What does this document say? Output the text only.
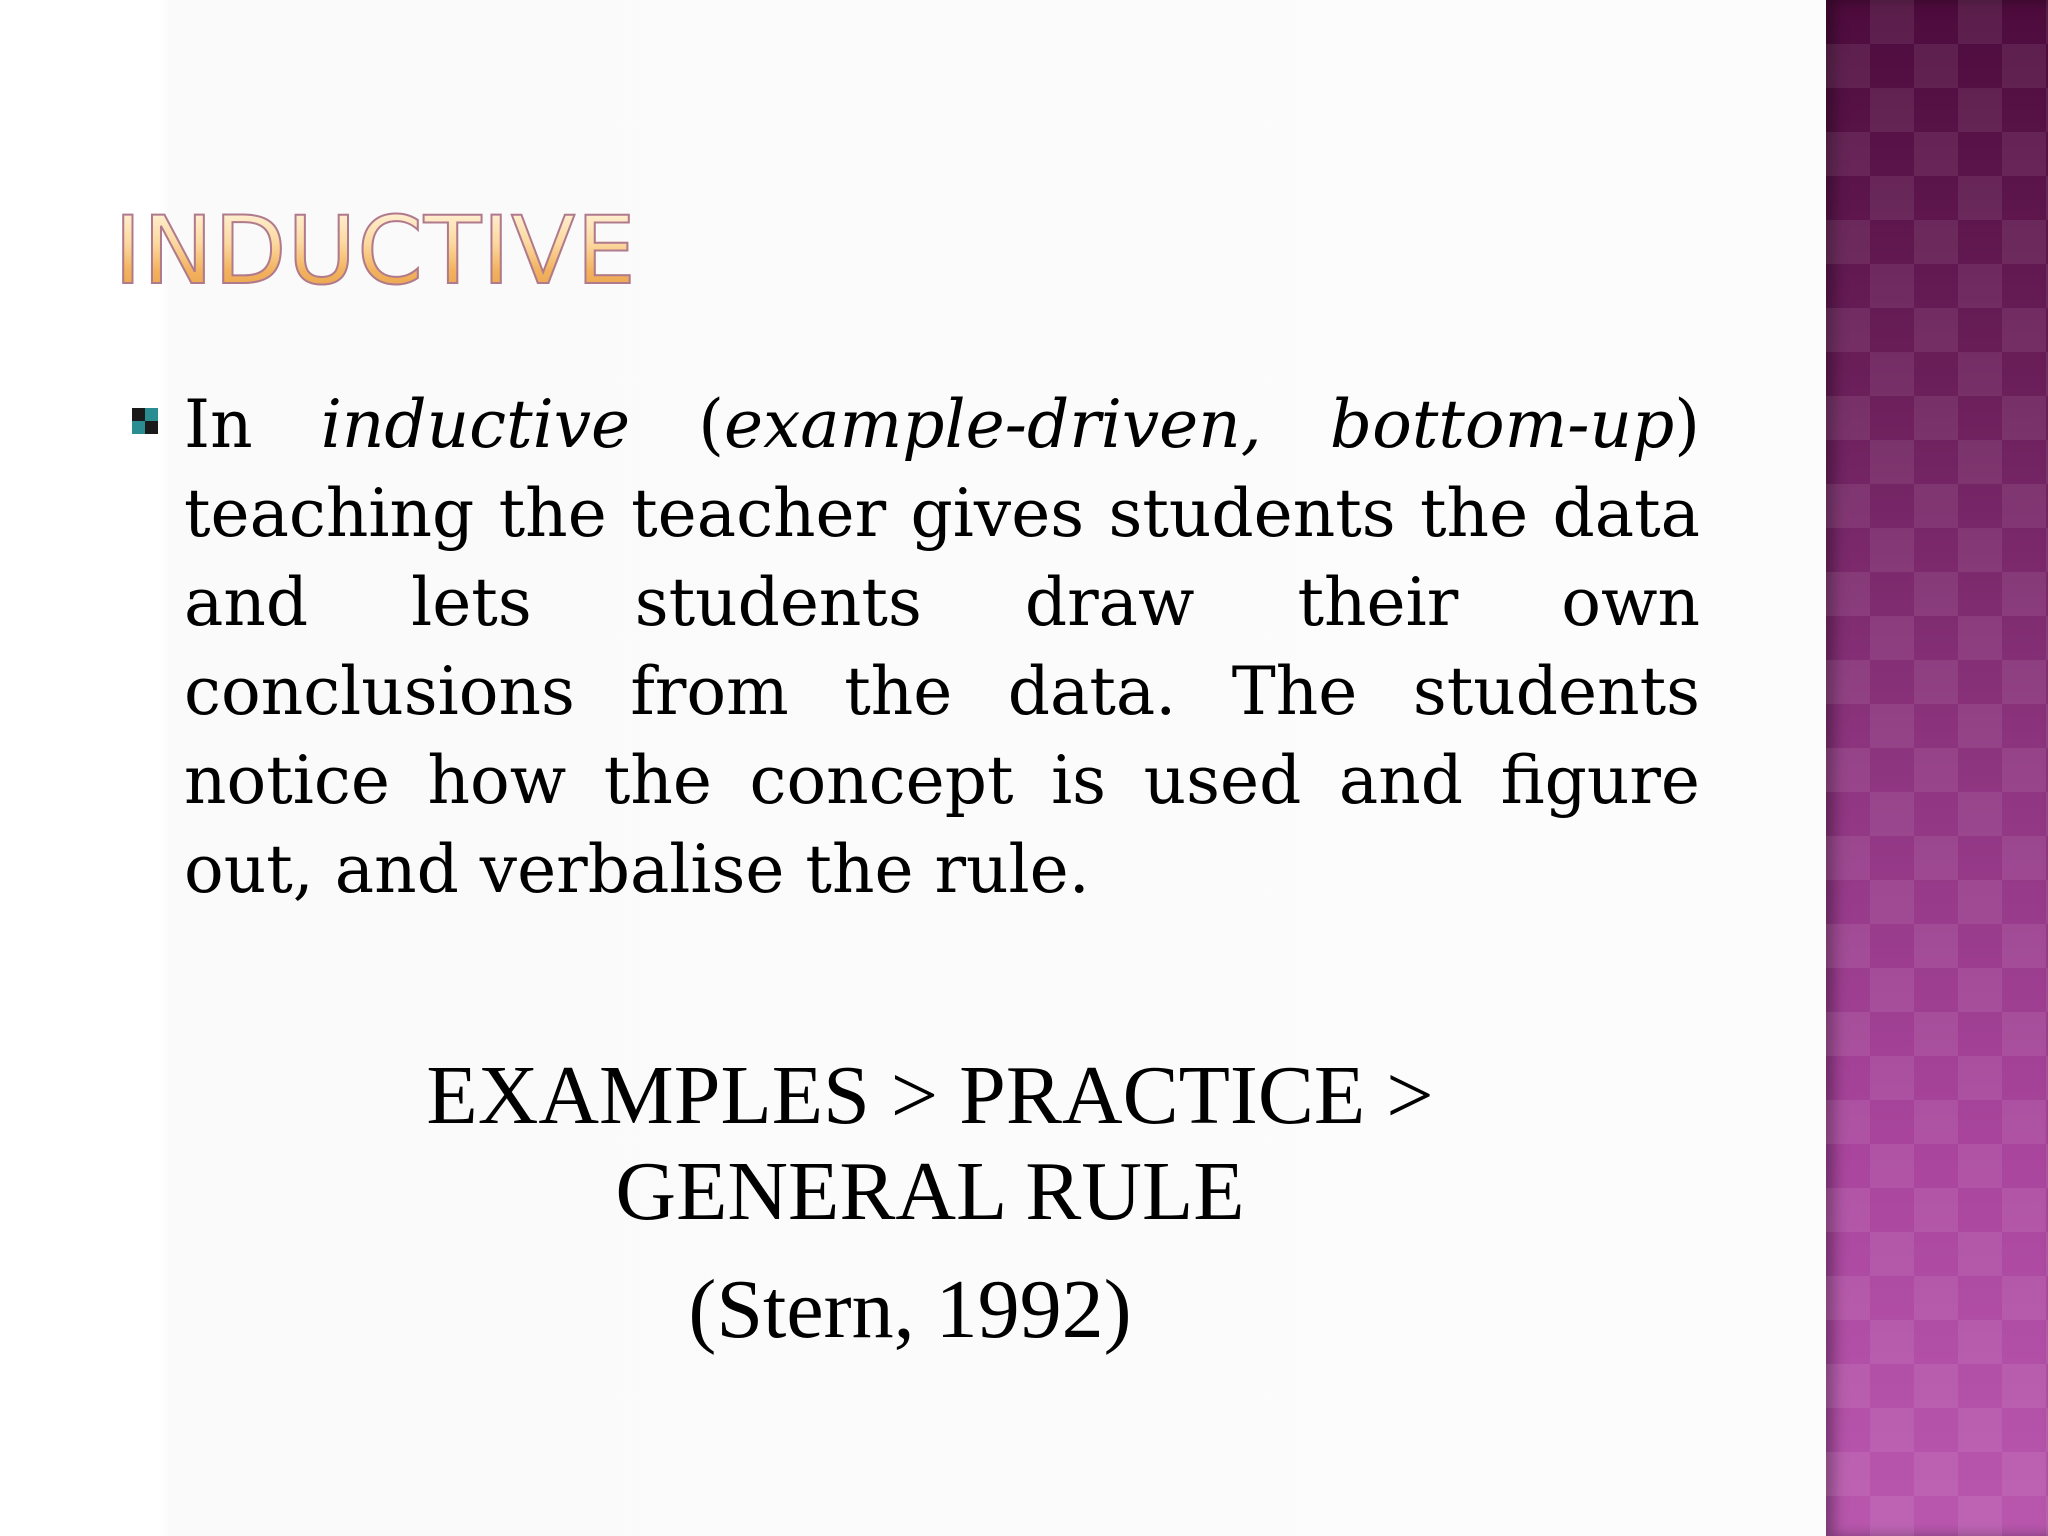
INDUCTIVE

In inductive (example-driven, bottom-up) teaching the teacher gives students the data and lets students draw their own conclusions from the data. The students notice how the concept is used and figure out, and verbalise the rule.

EXAMPLES > PRACTICE > GENERAL RULE

(Stern, 1992)
